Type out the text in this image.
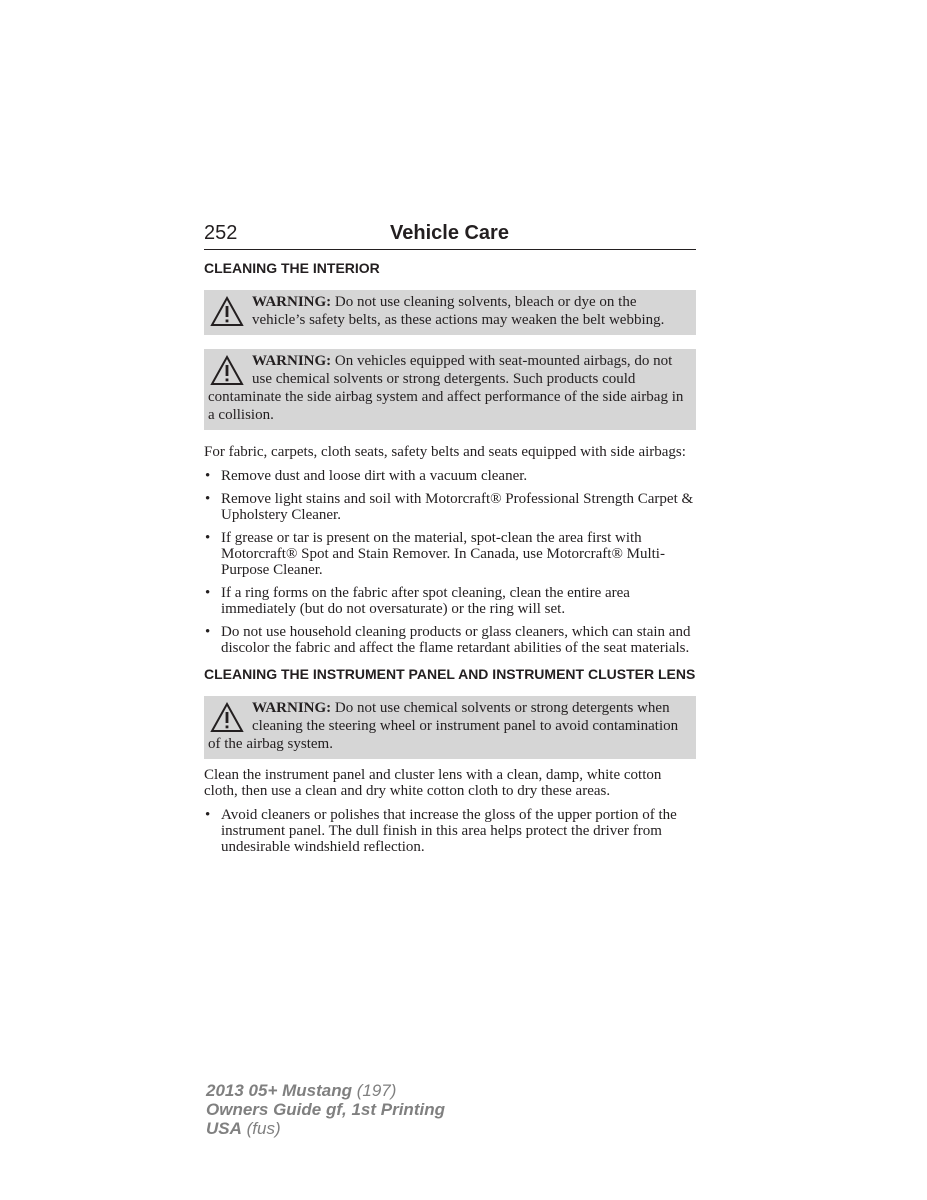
252	Vehicle Care
CLEANING THE INTERIOR
WARNING: Do not use cleaning solvents, bleach or dye on the vehicle’s safety belts, as these actions may weaken the belt webbing.
WARNING: On vehicles equipped with seat-mounted airbags, do not use chemical solvents or strong detergents. Such products could contaminate the side airbag system and affect performance of the side airbag in a collision.

For fabric, carpets, cloth seats, safety belts and seats equipped with side airbags:

• Remove dust and loose dirt with a vacuum cleaner.
• Remove light stains and soil with Motorcraft® Professional Strength Carpet & Upholstery Cleaner.
• If grease or tar is present on the material, spot-clean the area first with Motorcraft® Spot and Stain Remover. In Canada, use Motorcraft® Multi-Purpose Cleaner.
• If a ring forms on the fabric after spot cleaning, clean the entire area immediately (but do not oversaturate) or the ring will set.
• Do not use household cleaning products or glass cleaners, which can stain and discolor the fabric and affect the flame retardant abilities of the seat materials.
CLEANING THE INSTRUMENT PANEL AND INSTRUMENT CLUSTER LENS
WARNING: Do not use chemical solvents or strong detergents when cleaning the steering wheel or instrument panel to avoid contamination of the airbag system.

Clean the instrument panel and cluster lens with a clean, damp, white cotton cloth, then use a clean and dry white cotton cloth to dry these areas.

• Avoid cleaners or polishes that increase the gloss of the upper portion of the instrument panel. The dull finish in this area helps protect the driver from undesirable windshield reflection.
2013 05+ Mustang (197)
Owners Guide gf, 1st Printing
USA (fus)
